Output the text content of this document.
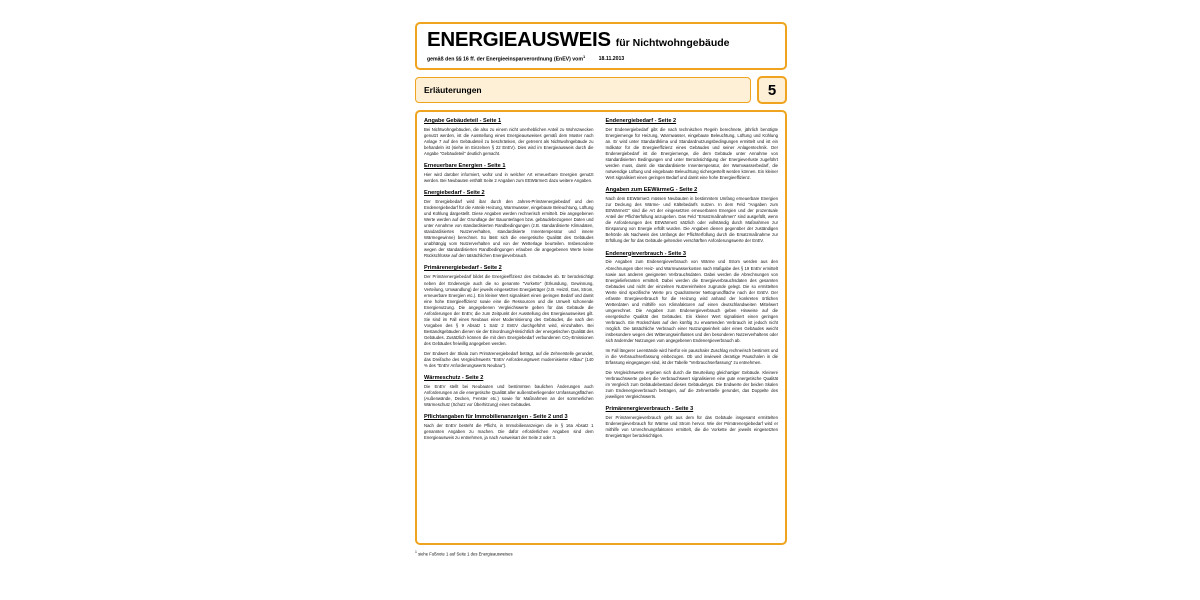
ENERGIEAUSWEIS für Nichtwohngebäude
gemäß den §§ 16 ff. der Energieeinsparverordnung (EnEV) vom$^1$ 18.11.2013
Erläuterungen	5
Angabe Gebäudeteil - Seite 1

Bei Nichtwohngebäuden, die also zu einem nicht unerheblichen Anteil zu Wohnzwecken genutzt werden, ist die Ausstellung eines Energieausweises gemäß dem Muster nach Anlage 7 auf den Gebäudeteil zu beschränken, der getrennt als Nichtwohngebäude zu behandeln ist (siehe im Einzelnen § 22 EnEV). Dies wird im Energieausweis durch die Angabe "Gebäudeteil" deutlich gemacht.

Erneuerbare Energien - Seite 1

Hier wird darüber informiert, wofür und in welcher Art erneuerbare Energien genutzt werden. Bei Neubauten enthält Seite 2 Angaben zum EEWärmeG dazu weitere Angaben.

Energiebedarf - Seite 2

Der Energiebedarf wird ibar durch den Jahres-Primärenergiebedarf und den Endenergiebedarf für die Anteile Heizung, Warmwasser, eingebaute Beleuchtung, Lüftung und Kühlung dargestellt. Diese Angaben werden rechnerisch ermittelt. Die angegebenen Werte werden auf der Grundlage der Bauunterlagen bzw. gebäudebezogener Daten und unter Annahme von standardisierten Randbedingungen (z.B. standardisierte Klimadaten, standardisiertes Nutzerverhalten, standardisierte Innentemperatur und innere Wärmegewinne) berechnet. So lässt sich die energetische Qualität des Gebäudes unabhängig vom Nutzerverhalten und von der Wetterlage beurteilen. Insbesondere wegen der standardisierten Randbedingungen erlauben die angegebenen Werte keine Rückschlüsse auf den tatsächlichen Energieverbrauch.

Primärenergiebedarf - Seite 2

Der Primärenergiebedarf bildet die Energieeffizienz des Gebäudes ab. Er berücksichtigt neben der Endenergie auch die so genannte "Vorkette" (Erkundung, Gewinnung, Verteilung, Umwandlung) der jeweils eingesetzten Energieträger (z.B. Heizöl, Gas, Strom, erneuerbare Energien etc.). Ein kleiner Wert signalisiert einen geringen Bedarf und damit eine hohe Energieeffizienz sowie eine die Ressourcen und die Umwelt schonende Energienutzung. Die angegebenen Vergleichswerte geben für das Gebäude die Anforderungen der EnEV, die zum Zeitpunkt der Ausstellung des Energieausweises gilt. Sie sind im Fall eines Neubaus einer Modernisierung des Gebäudes, die nach den Vorgaben des § 9 Absatz 1 Satz 2 EnEV durchgeführt wird, einzuhalten. Bei Bestandsgebäuden dienen sie der Einordnung/Hinsichtlich der energetischen Qualität des Gebäudes. Zusätzlich können die mit dem Energiebedarf verbundenen CO₂-Emissionen des Gebäudes freiwillig angegeben werden.

Der Endwert der Skala zum Primärenergiebedarf beträgt, auf die Zehnerstelle gerundet, das Dreifache des Vergleichswerts "EnEV Anforderungswert modernisierter Altbau" (140 % des "EnEV Anforderungswerts Neubau").

Wärmeschutz - Seite 2

Die EnEV stellt bei Neubauten und bestimmten baulichen Änderungen auch Anforderungen an die energetische Qualität aller außenüberliegender Umfassungsflächen (Außenwände, Decken, Fenster etc.) sowie für Maßnahmen an der sommerlichen Wärmeschutz (Schutz vor Überhitzung) eines Gebäudes.

Pflichtangaben für Immobilienanzeigen - Seite 2 und 3

Nach der EnEV besteht die Pflicht, in Immobilienanzeigen die in § 16a Absatz 1 genannten Angaben zu machen. Die dafür erforderlichen Angaben sind dem Energieausweis zu entnehmen, ja nach Ausweisart der Seite 2 oder 3.

Endenergiebedarf - Seite 2

Der Endenergiebedarf gibt die nach technischen Regeln berechnete, jährlich benötigte Energiemenge für Heizung, Warmwasser, eingebaute Beleuchtung, Lüftung und Kühlung an. Er wird unter Standardklima und Standardnutzungsbedingungen ermittelt und ist ein Indikator für die Energieeffizienz eines Gebäudes und seiner Anlagentechnik. Der Endenergiebedarf ist die Energiemenge, die dem Gebäude unter Annahme von standardisierten Bedingungen und unter Berücksichtigung der Energieverluste zugeführt werden muss, damit die standardisierte Innentemperatur, der Warmwasserbedarf, die notwendige Lüftung und eingebaute Beleuchtung sichergestellt werden können. Ein kleiner Wert signalisiert einen geringen Bedarf und damit eine hohe Energieeffizienz.

Angaben zum EEWärmeG - Seite 2

Nach dem EEWärmeG müssen Neubauten in bestimmtem Umfang erneuerbare Energien zur Deckung des Wärme- und Kältebedarfs nutzen. In dem Feld "Angaben zum EEWärmeG" sind die Art der eingesetzten erneuerbaren Energien und der prozentuale Anteil der Pflichterfüllung anzugeben. Das Feld "Ersatzmaßnahmen" sind ausgefüllt, wenn die Anforderungen des EEWärmeG sätzlich oder vollständig durch Maßnahmen zur Einsparung von Energie erfüllt wurden. Die Angaben dienen gegenüber der zuständigen Behörde als Nachweis des Umfangs der Pflichterfüllung durch die Ersatzmaßnahme zur Erfüllung der für das Gebäude geltenden verschärften Anforderungswerte der EnEV.

Endenergieverbrauch - Seite 3

Die Angaben zum Endenergieverbrauch von Wärme und Strom werden aus den Abrechnungen über Heiz- und Warmwasserkosten nach Maßgabe des § 19 EnEV ermittelt sowie aus anderen geeigneten Verbrauchsdaten. Dabei werden die Abrechnungen von Energielieferanten ermittelt. Dabei werden die Energieverbrauchsdaten des gesamten Gebäudes und nicht der einzelnen Nutzereinheiten zugrunde gelegt. Die so ermittelten Werte sind spezifische Werte pro Quadratmeter Nettogrundfläche nach der EnEV. Der erfasste Energieverbrauch für die Heizung wird anhand der konkreten örtlichen Wetterdaten und mithilfe von Klimafaktoren auf einen deutschlandweiten Mittelwert umgerechnet. Die Angaben zum Endenergieverbrauch geben Hinweise auf die energetische Qualität des Gebäudes. Ein kleiner Wert signalisiert einen geringen Verbrauch. Ein Rückschluss auf den künftig zu erwartenden Verbrauch ist jedoch nicht möglich. Die tatsächliche Verbrauch einer Nutzungseinheit oder eines Gebäudes weicht insbesondere wegen des Witterungseinflusses und den besonderen Nutzerverhaltens oder sich ändernder Nutzungen vom angegebenen Endenergieverbrauch ab.

Im Fall längerer Leerstände wird hierfür ein pauschaler Zuschlag rechnerisch bestimmt und in die Verbrauchserfassung einbezogen. Ob und inwieweit derartige Pauschalen in die Erfassung eingegangen sind, ist der Tabelle "Verbrauchserfassung" zu entnehmen.

Die Vergleichswerte ergeben sich durch die Beurteilung gleichartiger Gebäude. Kleinere Verbrauchswerte geben die Verbrauchswert signalisieren eine gute energetische Qualität im Vergleich zum Gebäudebestand dieses Gebäudetyps. Die Endwerte der beiden Skalen zum Endenergieverbrauch betragen, auf die Zehnerstelle gerundet, das Doppelte des jeweiligen Vergleichswerts.

Primärenergieverbrauch - Seite 3

Der Primärenergieverbrauch geht aus dem für das Gebäude insgesamt ermittelten Endenergieverbrauch für Wärme und Strom hervor. Wie der Primärenergiebedarf wird er mithilfe von Umrechnungsfaktoren ermittelt, die die Vorkette der jeweils eingesetzten Energieträger berücksichtigen.

$^1$ siehe Fußnote 1 auf Seite 1 des Energieausweises
